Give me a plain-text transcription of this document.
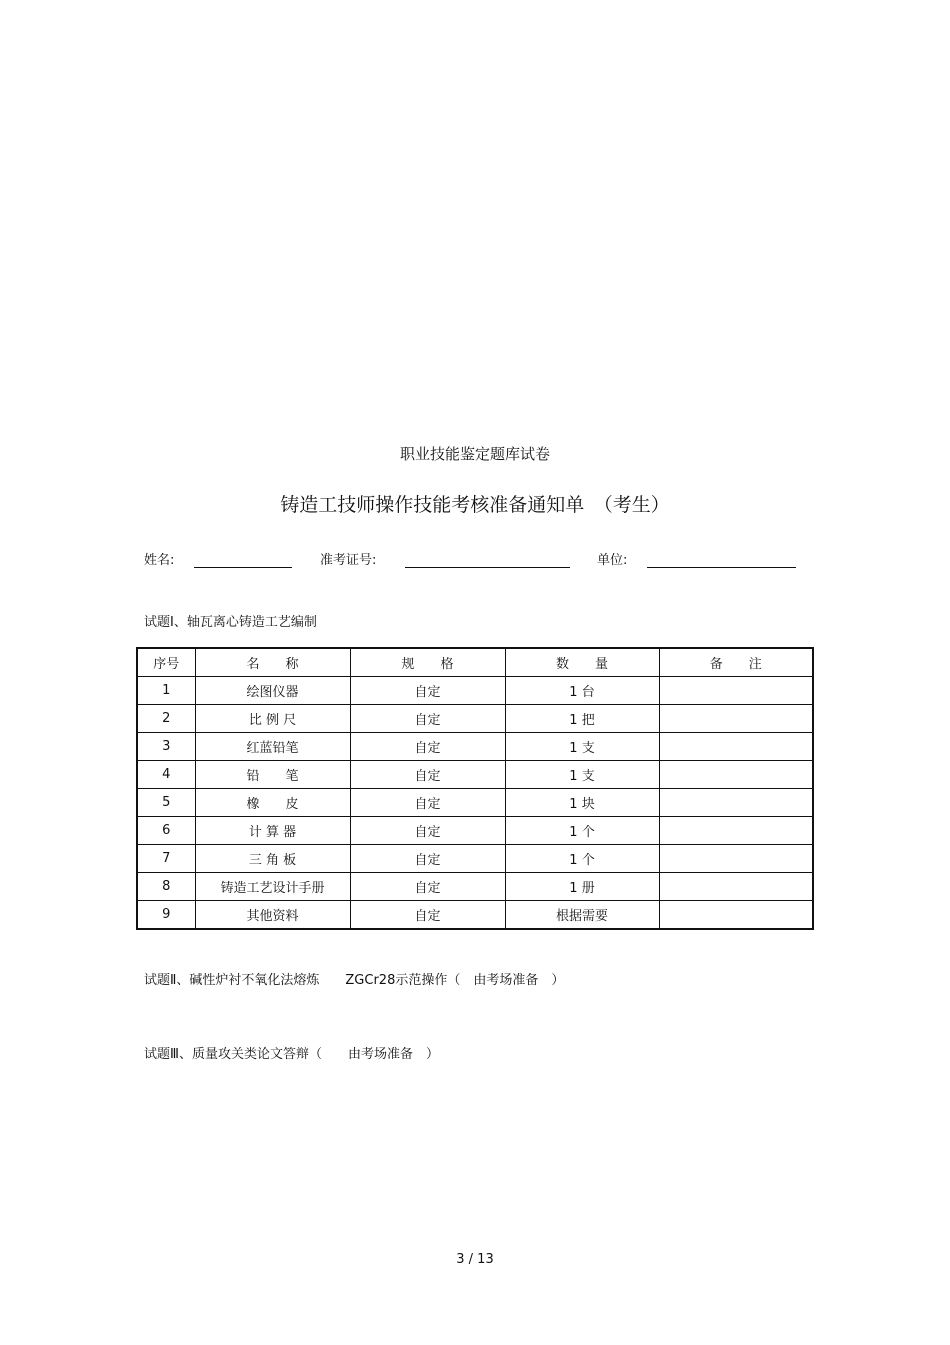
职业技能鉴定题库试卷
铸造工技师操作技能考核准备通知单　（考生）
姓名:	准考证号:	单位:
试题Ⅰ、轴瓦离心铸造工艺编制
序号	名　　称	规　　格	数　　量	备　　注
1	绘图仪器	自定	1 台	
2	比 例 尺	自定	1 把	
3	红蓝铅笔	自定	1 支	
4	铅　　笔	自定	1 支	
5	橡　　皮	自定	1 块	
6	计 算 器	自定	1 个	
7	三 角 板	自定	1 个	
8	铸造工艺设计手册	自定	1 册	
9	其他资料	自定	根据需要	
试题Ⅱ、碱性炉衬不氧化法熔炼　　ZGCr28示范操作（　由考场准备　）
试题Ⅲ、质量攻关类论文答辩（　　由考场准备　）
3 / 13
